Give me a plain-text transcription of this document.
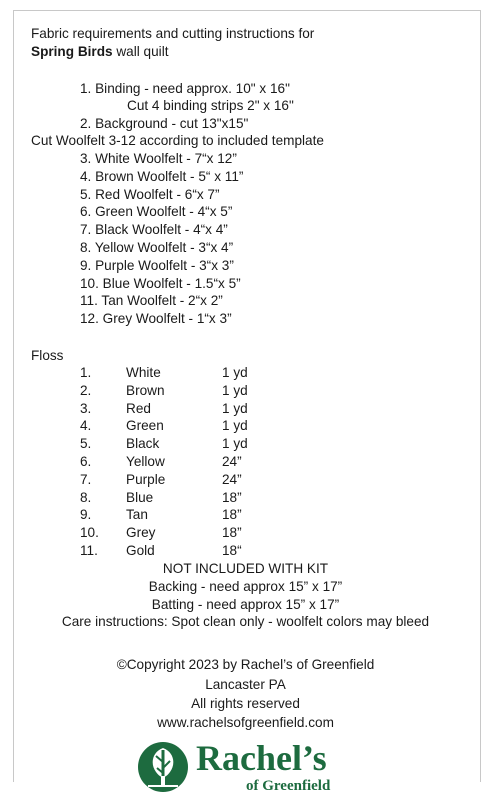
Fabric requirements and cutting instructions for
Spring Birds wall quilt
1. Binding - need approx. 10" x 16"
Cut 4 binding strips 2" x 16"
2. Background - cut 13"x15"
Cut Woolfelt 3-12 according to included template
3. White Woolfelt - 7“x 12”
4. Brown Woolfelt - 5“ x 11”
5. Red Woolfelt - 6“x 7”
6. Green Woolfelt - 4“x 5”
7. Black Woolfelt - 4“x 4”
8. Yellow Woolfelt - 3“x 4”
9. Purple Woolfelt - 3“x 3”
10. Blue Woolfelt - 1.5“x 5”
11. Tan Woolfelt - 2“x 2”
12. Grey Woolfelt - 1“x 3”
Floss
1.	White	1 yd
2.	Brown	1 yd
3.	Red	1 yd
4.	Green	1 yd
5.	Black	1 yd
6.	Yellow	24”
7.	Purple	24”
8.	Blue	18”
9.	Tan	18”
10. Grey	18”
11. Gold	18“
NOT INCLUDED WITH KIT
Backing - need approx 15” x 17”
Batting - need approx 15” x 17”
Care instructions: Spot clean only - woolfelt colors may bleed
©Copyright 2023 by Rachel’s of Greenfield
Lancaster PA
All rights reserved
www.rachelsofgreenfield.com
Rachel’s
of Greenfield
